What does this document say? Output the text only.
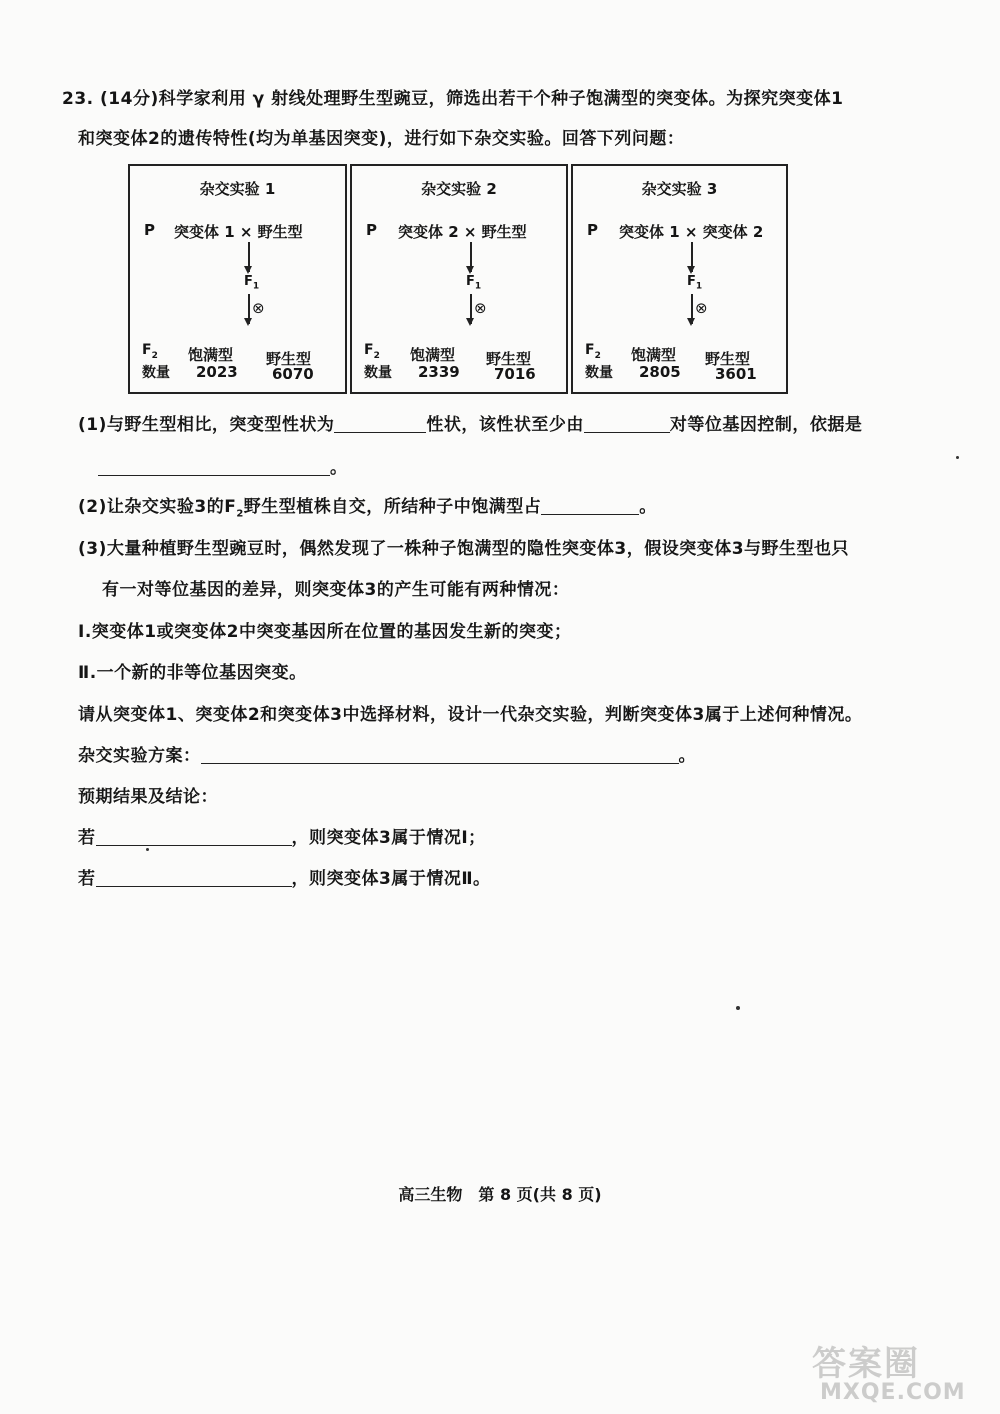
23. (14分)科学家利用 γ 射线处理野生型豌豆，筛选出若干个种子饱满型的突变体。为探究突变体1
和突变体2的遗传特性(均为单基因突变)，进行如下杂交实验。回答下列问题：
杂交实验 1
P 突变体 1 × 野生型
$F_1$
⊗
$F_2$
数量
饱满型 野生型
2023 6070
杂交实验 2
P 突变体 2 × 野生型
$F_1$
⊗
$F_2$
数量
饱满型 野生型
2339 7016
杂交实验 3
P 突变体 1 × 突变体 2
$F_1$
⊗
$F_2$
数量
饱满型 野生型
2805 3601
(1)与野生型相比，突变型性状为	性状，该性状至少由	对等位基因控制，依据是
。
(2)让杂交实验3的$F_2$野生型植株自交，所结种子中饱满型占	。
(3)大量种植野生型豌豆时，偶然发现了一株种子饱满型的隐性突变体3，假设突变体3与野生型也只
有一对等位基因的差异，则突变体3的产生可能有两种情况：
Ⅰ.突变体1或突变体2中突变基因所在位置的基因发生新的突变；
Ⅱ.一个新的非等位基因突变。
请从突变体1、突变体2和突变体3中选择材料，设计一代杂交实验，判断突变体3属于上述何种情况。
杂交实验方案：	。
预期结果及结论：
若	，则突变体3属于情况Ⅰ；
若	，则突变体3属于情况Ⅱ。
高三生物　第 8 页(共 8 页)
答案圈
MXQE.COM
